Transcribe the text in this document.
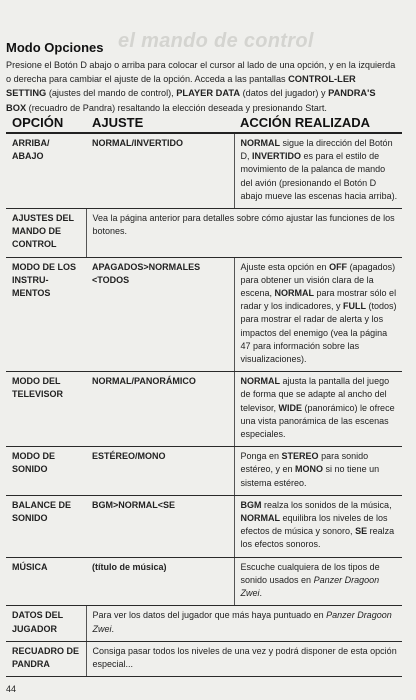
el mando de control
Modo Opciones
Presione el Botón D abajo o arriba para colocar el cursor al lado de una opción, y en la izquierda o derecha para cambiar el ajuste de la opción. Acceda a las pantallas CONTROL-LER SETTING (ajustes del mando de control), PLAYER DATA (datos del jugador) y PANDRA'S BOX (recuadro de Pandra) resaltando la elección deseada y presionando Start.
OPCIÓN	AJUSTE	ACCIÓN REALIZADA
ARRIBA/ ABAJO	NORMAL/INVERTIDO	NORMAL sigue la dirección del Botón D, INVERTIDO es para el estilo de movimiento de la palanca de mando del avión (presionando el Botón D abajo mueve las escenas hacia arriba).
AJUSTES DEL MANDO DE CONTROL	Vea la página anterior para detalles sobre cómo ajustar las funciones de los botones.	
MODO DE LOS INSTRU-MENTOS	APAGADOS>NORMALES <TODOS	Ajuste esta opción en OFF (apagados) para obtener un visión clara de la escena, NORMAL para mostrar sólo el radar y los indicadores, y FULL (todos) para mostrar el radar de alerta y los impactos del enemigo (vea la página 47 para información sobre las visualizaciones).
MODO DEL TELEVISOR	NORMAL/PANORÁMICO	NORMAL ajusta la pantalla del juego de forma que se adapte al ancho del televisor, WIDE (panorámico) le ofrece una vista panorámica de las escenas especiales.
MODO DE SONIDO	ESTÉREO/MONO	Ponga en STEREO para sonido estéreo, y en MONO si no tiene un sistema estéreo.
BALANCE DE SONIDO	BGM>NORMAL<SE	BGM realza los sonidos de la música, NORMAL equilibra los niveles de los efectos de música y sonoro, SE realza los efectos sonoros.
MÚSICA	(título de música)	Escuche cualquiera de los tipos de sonido usados en Panzer Dragoon Zwei.
DATOS DEL JUGADOR	Para ver los datos del jugador que más haya puntuado en Panzer Dragoon Zwei.	
RECUADRO DE PANDRA	Consiga pasar todos los niveles de una vez y podrá disponer de esta opción especial...	
44
